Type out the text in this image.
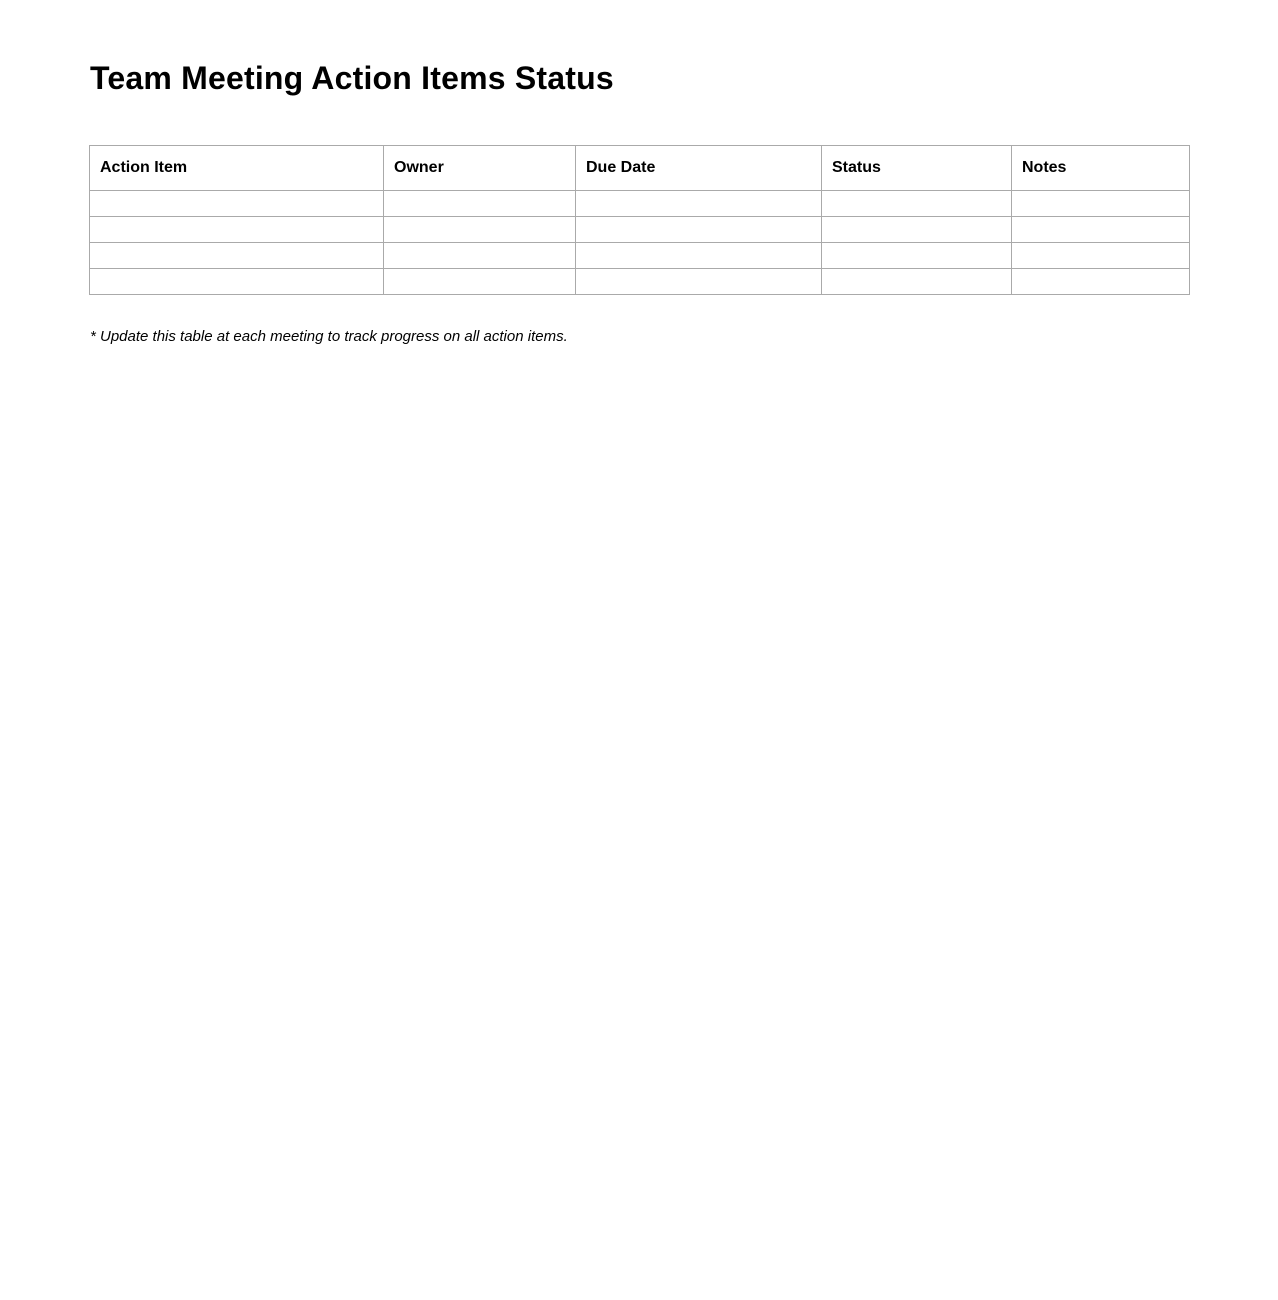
Team Meeting Action Items Status
Action Item	Owner	Due Date	Status	Notes

* Update this table at each meeting to track progress on all action items.
